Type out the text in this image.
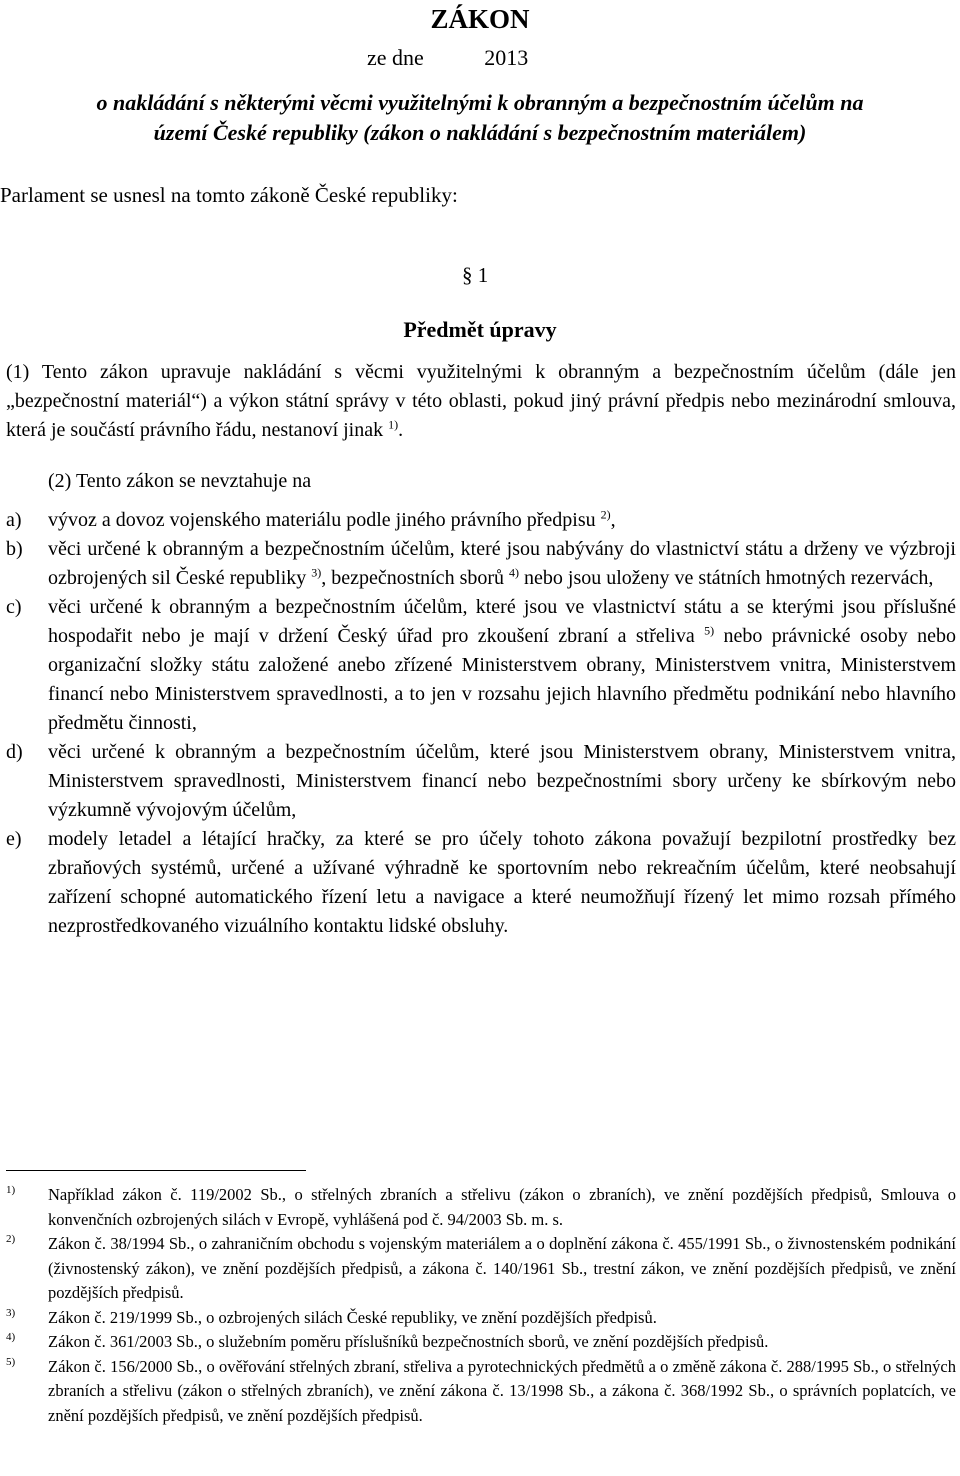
ZÁKON
ze dne           2013
o nakládání s některými věcmi využitelnými k obranným a bezpečnostním účelům na
území České republiky (zákon o nakládání s bezpečnostním materiálem)
Parlament se usnesl na tomto zákoně České republiky:
§ 1
Předmět úpravy
(1) Tento zákon upravuje nakládání s věcmi využitelnými k obranným a bezpečnostním účelům (dále jen „bezpečnostní materiál“) a výkon státní správy v této oblasti, pokud jiný právní předpis nebo mezinárodní smlouva, která je součástí právního řádu, nestanoví jinak $^{1)}$.
(2) Tento zákon se nevztahuje na
a)	vývoz a dovoz vojenského materiálu podle jiného právního předpisu $^{2)}$,
b)	věci určené k obranným a bezpečnostním účelům, které jsou nabývány do vlastnictví státu a drženy ve výzbroji ozbrojených sil České republiky $^{3)}$, bezpečnostních sborů $^{4)}$ nebo jsou uloženy ve státních hmotných rezervách,
c)	věci určené k obranným a bezpečnostním účelům, které jsou ve vlastnictví státu a se kterými jsou příslušné hospodařit nebo je mají v držení Český úřad pro zkoušení zbraní a střeliva $^{5)}$ nebo právnické osoby nebo organizační složky státu založené anebo zřízené Ministerstvem obrany, Ministerstvem vnitra, Ministerstvem financí nebo Ministerstvem spravedlnosti, a to jen v rozsahu jejich hlavního předmětu podnikání nebo hlavního předmětu činnosti,
d)	věci určené k obranným a bezpečnostním účelům, které jsou Ministerstvem obrany, Ministerstvem vnitra, Ministerstvem spravedlnosti, Ministerstvem financí nebo bezpečnostními sbory určeny ke sbírkovým nebo výzkumně vývojovým účelům,
e)	modely letadel a létající hračky, za které se pro účely tohoto zákona považují bezpilotní prostředky bez zbraňových systémů, určené a užívané výhradně ke sportovním nebo rekreačním účelům, které neobsahují zařízení schopné automatického řízení letu a navigace a které neumožňují řízený let mimo rozsah přímého nezprostředkovaného vizuálního kontaktu lidské obsluhy.
1)	Například zákon č. 119/2002 Sb., o střelných zbraních a střelivu (zákon o zbraních), ve znění pozdějších předpisů, Smlouva o konvenčních ozbrojených silách v Evropě, vyhlášená pod č. 94/2003 Sb. m. s.
2)	Zákon č. 38/1994 Sb., o zahraničním obchodu s vojenským materiálem a o doplnění zákona č. 455/1991 Sb., o živnostenském podnikání (živnostenský zákon), ve znění pozdějších předpisů, a zákona č. 140/1961 Sb., trestní zákon, ve znění pozdějších předpisů, ve znění pozdějších předpisů.
3)	Zákon č. 219/1999 Sb., o ozbrojených silách České republiky, ve znění pozdějších předpisů.
4)	Zákon č. 361/2003 Sb., o služebním poměru příslušníků bezpečnostních sborů, ve znění pozdějších předpisů.
5)	Zákon č. 156/2000 Sb., o ověřování střelných zbraní, střeliva a pyrotechnických předmětů a o změně zákona č. 288/1995 Sb., o střelných zbraních a střelivu (zákon o střelných zbraních), ve znění zákona č. 13/1998 Sb., a zákona č. 368/1992 Sb., o správních poplatcích, ve znění pozdějších předpisů, ve znění pozdějších předpisů.
